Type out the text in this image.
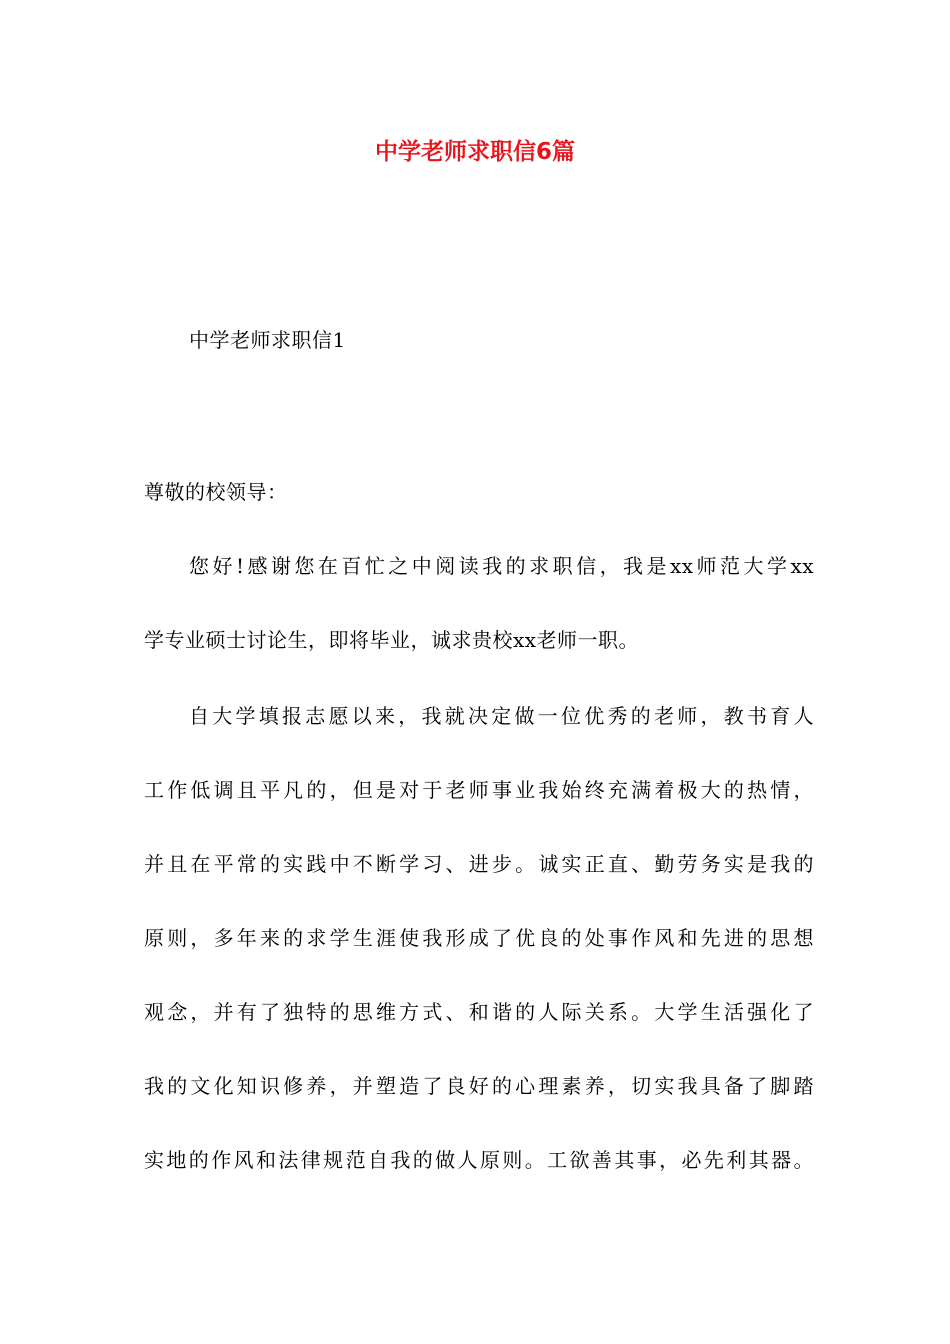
中学老师求职信6篇
中学老师求职信1
尊敬的校领导：
您好!感谢您在百忙之中阅读我的求职信，我是xx师范大学xx
学专业硕士讨论生，即将毕业，诚求贵校xx老师一职。
自大学填报志愿以来，我就决定做一位优秀的老师，教书育人
工作低调且平凡的，但是对于老师事业我始终充满着极大的热情，
并且在平常的实践中不断学习、进步。诚实正直、勤劳务实是我的
原则，多年来的求学生涯使我形成了优良的处事作风和先进的思想
观念，并有了独特的思维方式、和谐的人际关系。大学生活强化了
我的文化知识修养，并塑造了良好的心理素养，切实我具备了脚踏
实地的作风和法律规范自我的做人原则。工欲善其事，必先利其器。
